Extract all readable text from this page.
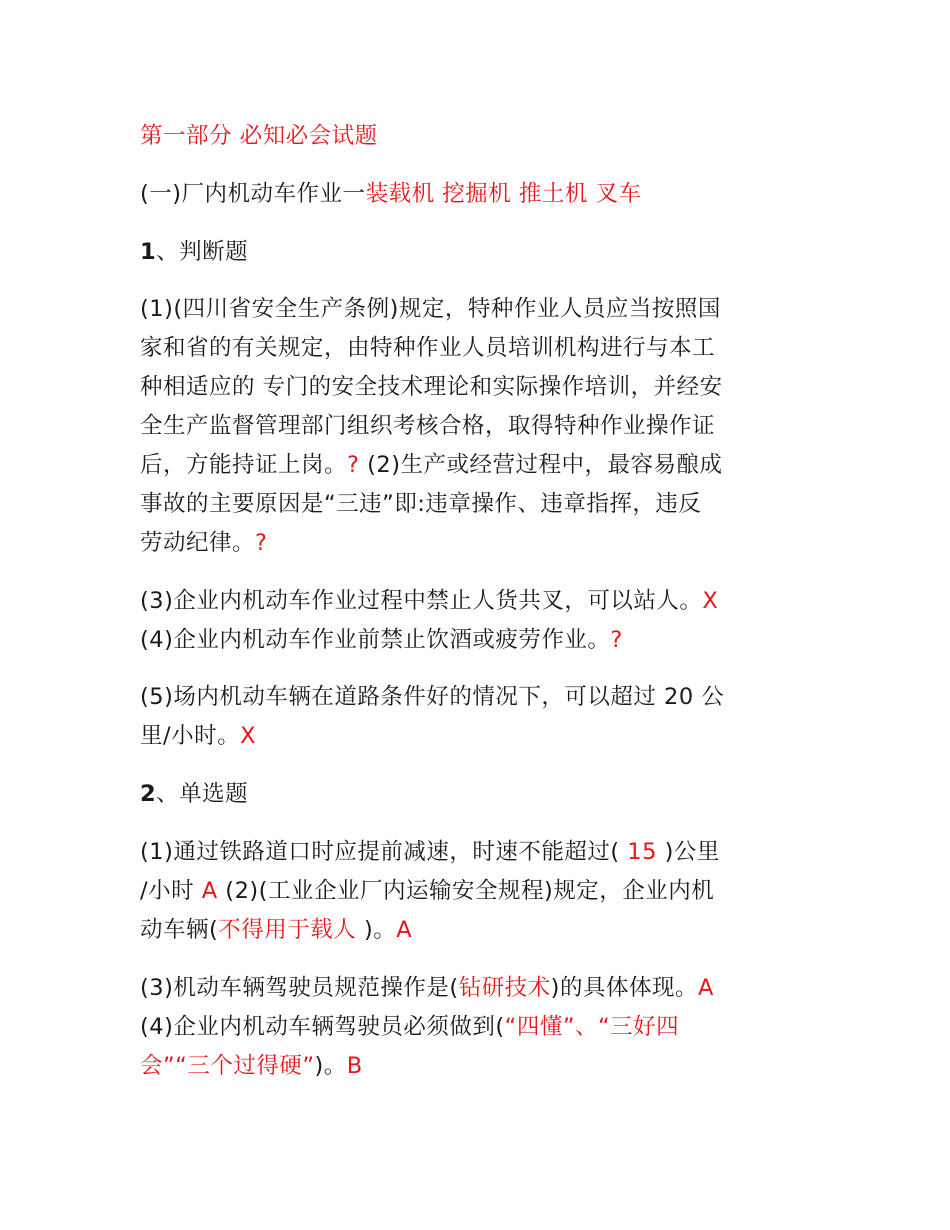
第一部分 必知必会试题

(一)厂内机动车作业一装载机 挖掘机 推土机 叉车

1、判断题

(1)(四川省安全生产条例)规定，特种作业人员应当按照国

家和省的有关规定，由特种作业人员培训机构进行与本工

种相适应的 专门的安全技术理论和实际操作培训，并经安

全生产监督管理部门组织考核合格，取得特种作业操作证

后，方能持证上岗。? (2)生产或经营过程中，最容易酿成

事故的主要原因是“三违”即:违章操作、违章指挥，违反

劳动纪律。?

(3)企业内机动车作业过程中禁止人货共叉，可以站人。X

(4)企业内机动车作业前禁止饮酒或疲劳作业。?

(5)场内机动车辆在道路条件好的情况下，可以超过 20 公

里/小时。X

2、单选题

(1)通过铁路道口时应提前减速，时速不能超过( 15 )公里

/小时 A (2)(工业企业厂内运输安全规程)规定，企业内机

动车辆(不得用于载人 )。A

(3)机动车辆驾驶员规范操作是(钻研技术)的具体体现。A

(4)企业内机动车辆驾驶员必须做到(“四懂”、“三好四

会”“三个过得硬”)。B
